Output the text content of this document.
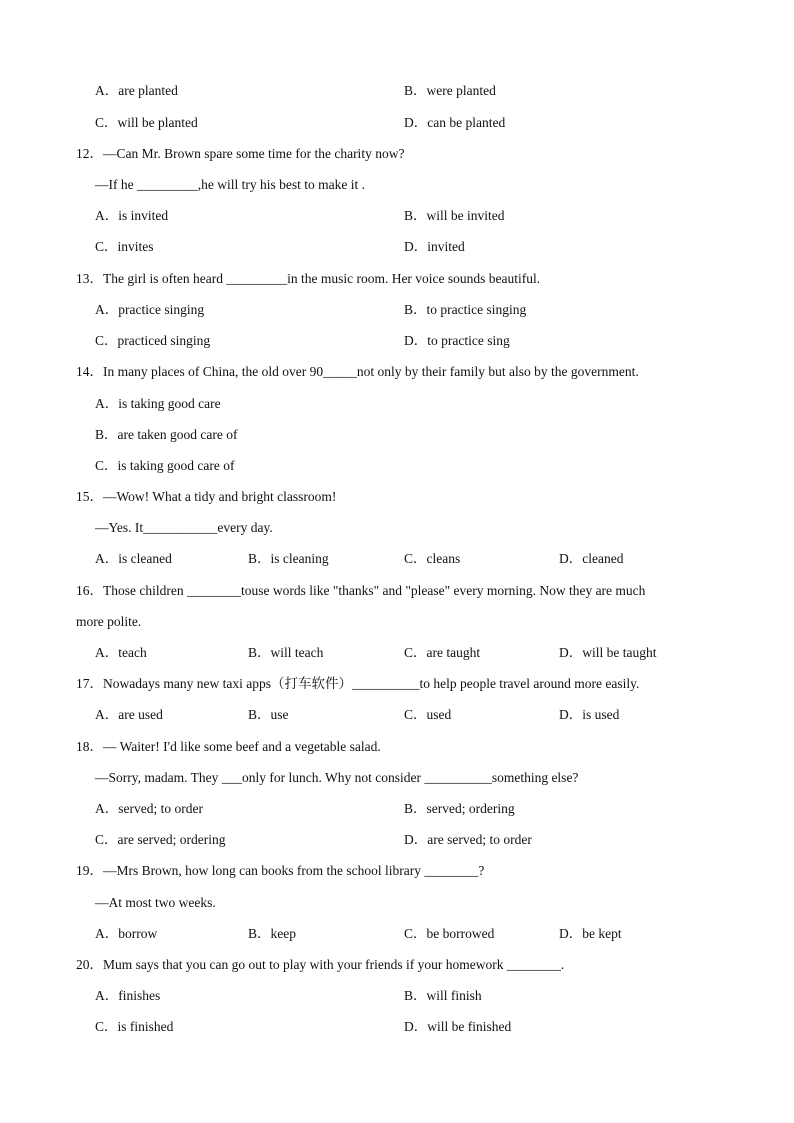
A．are planted	B．were planted
C．will be planted	D．can be planted
12．—Can Mr. Brown spare some time for the charity now?
—If he _________,he will try his best to make it .
A．is invited	B．will be invited
C．invites	D．invited
13．The girl is often heard _________in the music room. Her voice sounds beautiful.
A．practice singing	B．to practice singing
C．practiced singing	D．to practice sing
14．In many places of China, the old over 90_____not only by their family but also by the government.
A．is taking good care
B．are taken good care of
C．is taking good care of
15．—Wow! What a tidy and bright classroom!
—Yes. It___________every day.
A．is cleaned	B．is cleaning	C．cleans	D．cleaned
16．Those children ________touse words like "thanks" and "please" every morning. Now they are much
more polite.
A．teach	B．will teach	C．are taught	D．will be taught
17．Nowadays many new taxi apps（打车软件）__________to help people travel around more easily.
A．are used	B．use	C．used	D．is used
18．— Waiter! I'd like some beef and a vegetable salad.
—Sorry, madam. They ___only for lunch. Why not consider __________something else?
A．served; to order	B．served; ordering
C．are served; ordering	D．are served; to order
19．—Mrs Brown, how long can books from the school library ________?
—At most two weeks.
A．borrow	B．keep	C．be borrowed	D．be kept
20．Mum says that you can go out to play with your friends if your homework ________.
A．finishes	B．will finish
C．is finished	D．will be finished
